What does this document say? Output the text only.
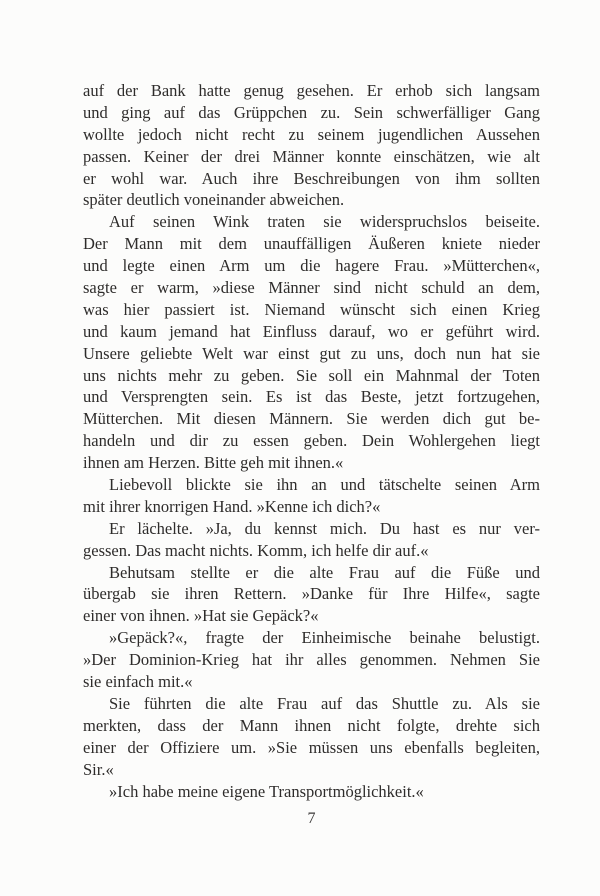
auf der Bank hatte genug gesehen. Er erhob sich langsam
und ging auf das Grüppchen zu. Sein schwerfälliger Gang
wollte jedoch nicht recht zu seinem jugendlichen Aussehen
passen. Keiner der drei Männer konnte einschätzen, wie alt
er wohl war. Auch ihre Beschreibungen von ihm sollten
später deutlich voneinander abweichen.
Auf seinen Wink traten sie widerspruchslos beiseite.
Der Mann mit dem unauffälligen Äußeren kniete nieder
und legte einen Arm um die hagere Frau. »Mütterchen«,
sagte er warm, »diese Männer sind nicht schuld an dem,
was hier passiert ist. Niemand wünscht sich einen Krieg
und kaum jemand hat Einfluss darauf, wo er geführt wird.
Unsere geliebte Welt war einst gut zu uns, doch nun hat sie
uns nichts mehr zu geben. Sie soll ein Mahnmal der Toten
und Versprengten sein. Es ist das Beste, jetzt fortzugehen,
Mütterchen. Mit diesen Männern. Sie werden dich gut be-
handeln und dir zu essen geben. Dein Wohlergehen liegt
ihnen am Herzen. Bitte geh mit ihnen.«
Liebevoll blickte sie ihn an und tätschelte seinen Arm
mit ihrer knorrigen Hand. »Kenne ich dich?«
Er lächelte. »Ja, du kennst mich. Du hast es nur ver-
gessen. Das macht nichts. Komm, ich helfe dir auf.«
Behutsam stellte er die alte Frau auf die Füße und
übergab sie ihren Rettern. »Danke für Ihre Hilfe«, sagte
einer von ihnen. »Hat sie Gepäck?«
»Gepäck?«, fragte der Einheimische beinahe belustigt.
»Der Dominion-Krieg hat ihr alles genommen. Nehmen Sie
sie einfach mit.«
Sie führten die alte Frau auf das Shuttle zu. Als sie
merkten, dass der Mann ihnen nicht folgte, drehte sich
einer der Offiziere um. »Sie müssen uns ebenfalls begleiten,
Sir.«
»Ich habe meine eigene Transportmöglichkeit.«
7
